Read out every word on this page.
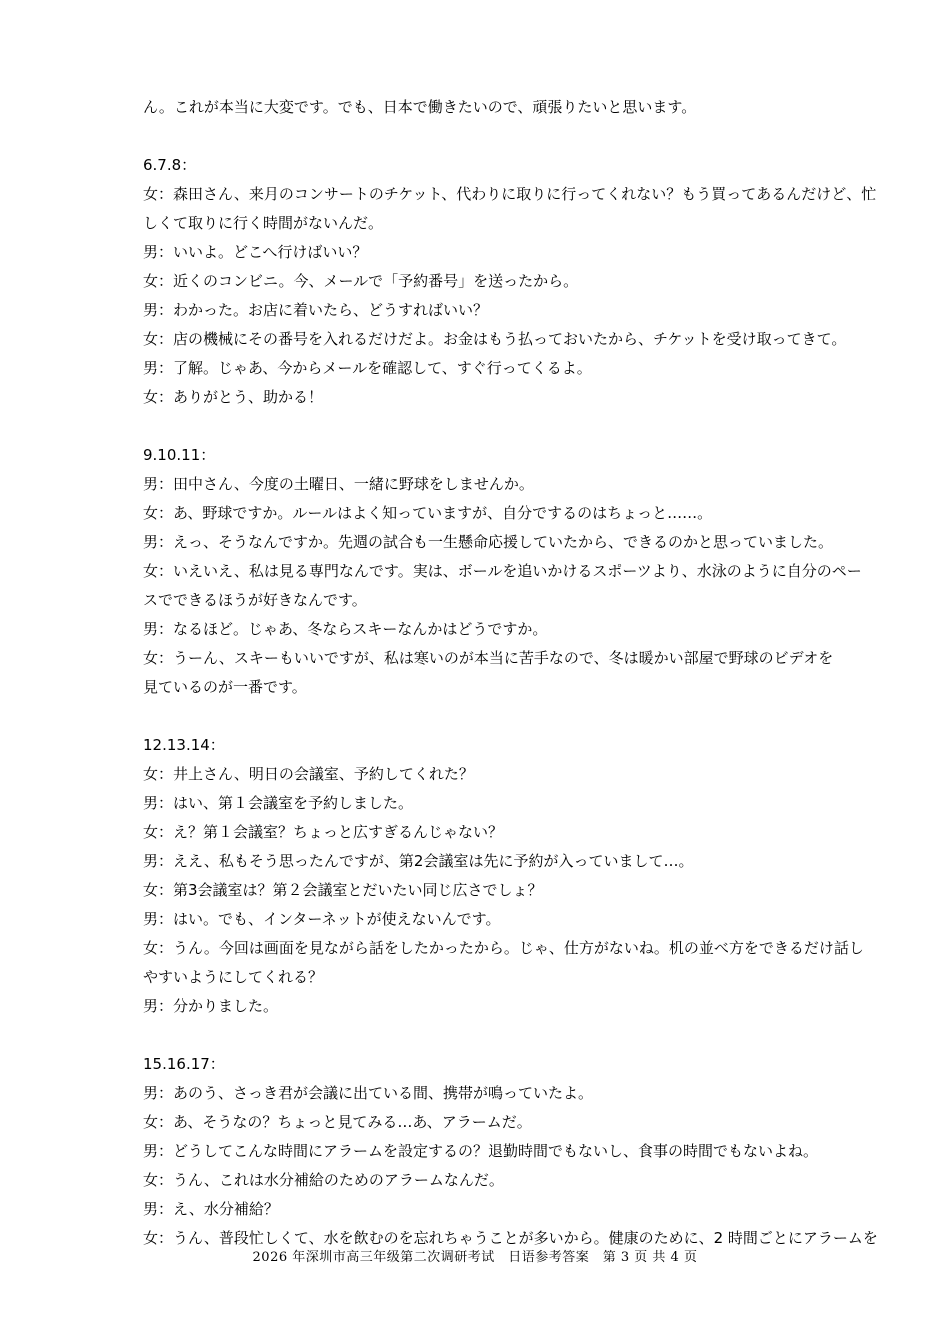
ん。これが本当に大変です。でも、日本で働きたいので、頑張りたいと思います。

6.7.8：

女：森田さん、来月のコンサートのチケット、代わりに取りに行ってくれない？もう買ってあるんだけど、忙

しくて取りに行く時間がないんだ。

男：いいよ。どこへ行けばいい？

女：近くのコンビニ。今、メールで「予約番号」を送ったから。

男：わかった。お店に着いたら、どうすればいい？

女：店の機械にその番号を入れるだけだよ。お金はもう払っておいたから、チケットを受け取ってきて。

男：了解。じゃあ、今からメールを確認して、すぐ行ってくるよ。

女：ありがとう、助かる！

9.10.11：

男：田中さん、今度の土曜日、一緒に野球をしませんか。

女：あ、野球ですか。ルールはよく知っていますが、自分でするのはちょっと……。

男：えっ、そうなんですか。先週の試合も一生懸命応援していたから、できるのかと思っていました。

女：いえいえ、私は見る専門なんです。実は、ボールを追いかけるスポーツより、水泳のように自分のペー

スでできるほうが好きなんです。

男：なるほど。じゃあ、冬ならスキーなんかはどうですか。

女：うーん、スキーもいいですが、私は寒いのが本当に苦手なので、冬は暖かい部屋で野球のビデオを

見ているのが一番です。

12.13.14：

女：井上さん、明日の会議室、予約してくれた？

男：はい、第１会議室を予約しました。

女：え？第１会議室？ちょっと広すぎるんじゃない？

男：ええ、私もそう思ったんですが、第2会議室は先に予約が入っていまして…。

女：第3会議室は？第２会議室とだいたい同じ広さでしょ？

男：はい。でも、インターネットが使えないんです。

女：うん。今回は画面を見ながら話をしたかったから。じゃ、仕方がないね。机の並べ方をできるだけ話し

やすいようにしてくれる？

男：分かりました。

15.16.17：

男：あのう、さっき君が会議に出ている間、携帯が鳴っていたよ。

女：あ、そうなの？ちょっと見てみる…あ、アラームだ。

男：どうしてこんな時間にアラームを設定するの？退勤時間でもないし、食事の時間でもないよね。

女：うん、これは水分補給のためのアラームなんだ。

男：え、水分補給？

女：うん、普段忙しくて、水を飲むのを忘れちゃうことが多いから。健康のために、2 時間ごとにアラームを

2026 年深圳市高三年级第二次调研考试　日语参考答案　第 3 页 共 4 页
